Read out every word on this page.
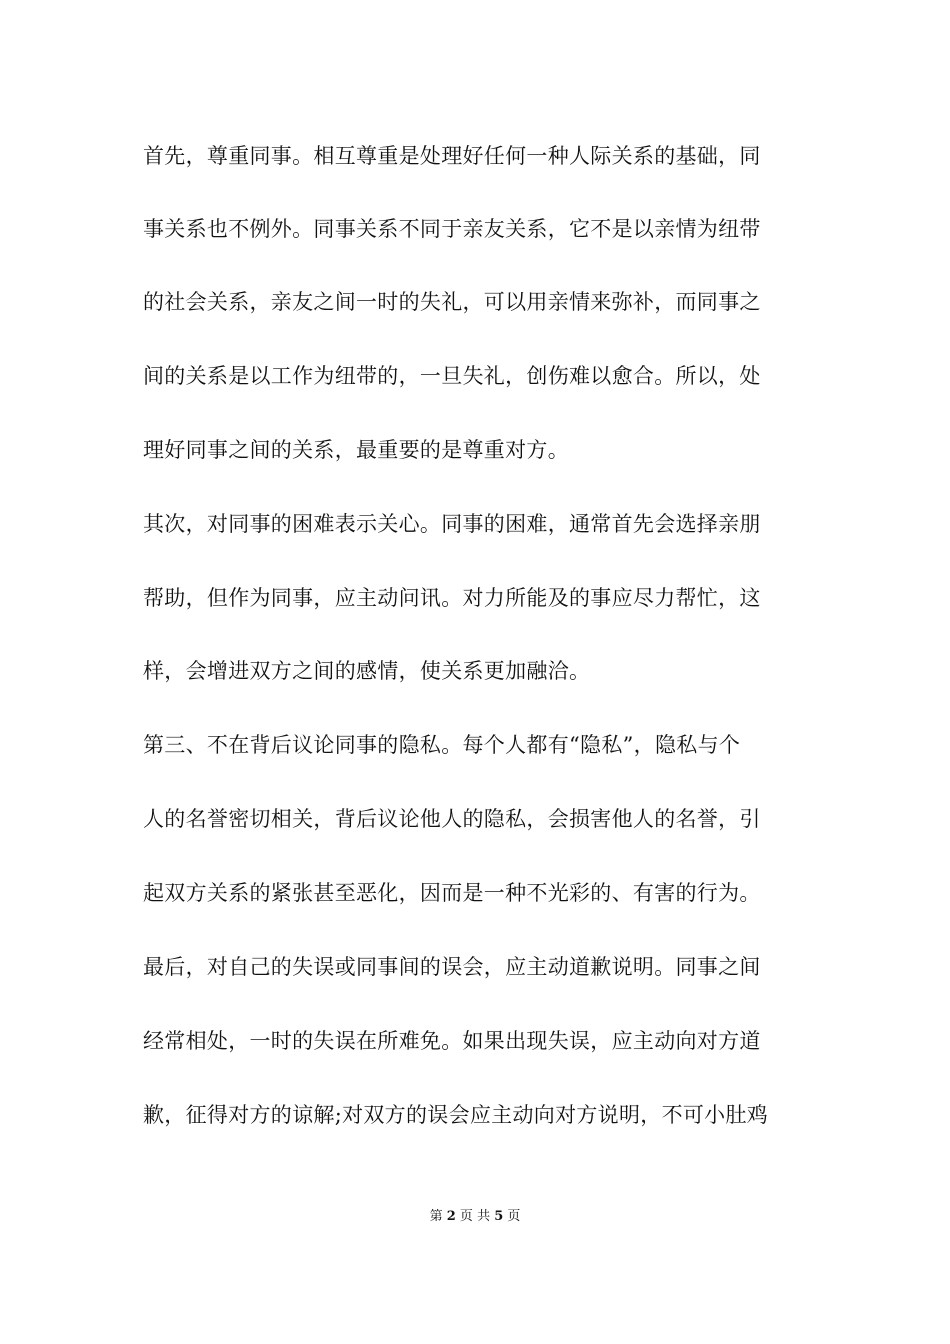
首先，尊重同事。相互尊重是处理好任何一种人际关系的基础，同
事关系也不例外。同事关系不同于亲友关系，它不是以亲情为纽带
的社会关系，亲友之间一时的失礼，可以用亲情来弥补，而同事之
间的关系是以工作为纽带的，一旦失礼，创伤难以愈合。所以，处
理好同事之间的关系，最重要的是尊重对方。
其次，对同事的困难表示关心。同事的困难，通常首先会选择亲朋
帮助，但作为同事，应主动问讯。对力所能及的事应尽力帮忙，这
样，会增进双方之间的感情，使关系更加融洽。
第三、不在背后议论同事的隐私。每个人都有“隐私”，隐私与个
人的名誉密切相关，背后议论他人的隐私，会损害他人的名誉，引
起双方关系的紧张甚至恶化，因而是一种不光彩的、有害的行为。
最后，对自己的失误或同事间的误会，应主动道歉说明。同事之间
经常相处，一时的失误在所难免。如果出现失误，应主动向对方道
歉，征得对方的谅解;对双方的误会应主动向对方说明，不可小肚鸡
第 2 页 共 5 页
